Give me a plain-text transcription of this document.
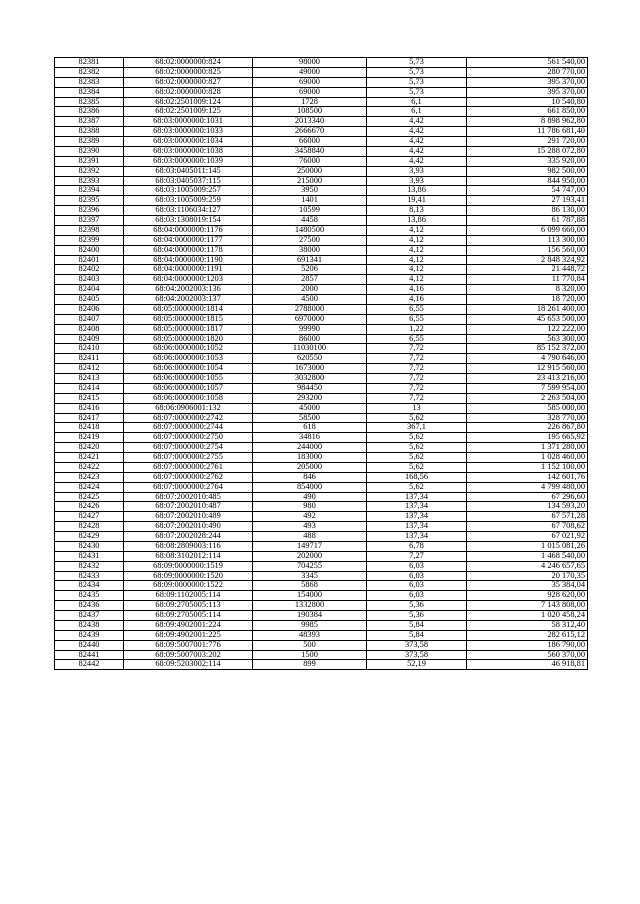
82381	68:02:0000000:824	98000	5,73	561 540,00
82382	68:02:0000000:825	49000	5,73	280 770,00
82383	68:02:0000000:827	69000	5,73	395 370,00
82384	68:02:0000000:828	69000	5,73	395 370,00
82385	68:02:2501009:124	1728	6,1	10 540,80
82386	68:02:2501009:125	108500	6,1	661 850,00
82387	68:03:0000000:1031	2013340	4,42	8 898 962,80
82388	68:03:0000000:1033	2666670	4,42	11 786 681,40
82389	68:03:0000000:1034	66000	4,42	291 720,00
82390	68:03:0000000:1038	3458840	4,42	15 288 072,80
82391	68:03:0000000:1039	76000	4,42	335 920,00
82392	68:03:0405011:145	250000	3,93	982 500,00
82393	68:03:0405037:115	215000	3,93	844 950,00
82394	68:03:1005009:257	3950	13,86	54 747,00
82395	68:03:1005009:259	1401	19,41	27 193,41
82396	68:03:1106034:127	10599	8,13	86 130,00
82397	68:03:1308019:154	4458	13,86	61 787,88
82398	68:04:0000000:1176	1480500	4,12	6 099 660,00
82399	68:04:0000000:1177	27500	4,12	113 300,00
82400	68:04:0000000:1178	38000	4,12	156 560,00
82401	68:04:0000000:1190	691341	4,12	2 848 324,92
82402	68:04:0000000:1191	5206	4,12	21 448,72
82403	68:04:0000000:1203	2857	4,12	11 770,84
82404	68:04:2002003:136	2000	4,16	8 320,00
82405	68:04:2002003:137	4500	4,16	18 720,00
82406	68:05:0000000:1814	2788000	6,55	18 261 400,00
82407	68:05:0000000:1815	6970000	6,55	45 653 500,00
82408	68:05:0000000:1817	99990	1,22	122 222,00
82409	68:05:0000000:1820	86000	6,55	563 300,00
82410	68:06:0000000:1052	11030100	7,72	85 152 372,00
82411	68:06:0000000:1053	620550	7,72	4 790 646,00
82412	68:06:0000000:1054	1673000	7,72	12 915 560,00
82413	68:06:0000000:1055	3032800	7,72	23 413 216,00
82414	68:06:0000000:1057	984450	7,72	7 599 954,00
82415	68:06:0000000:1058	293200	7,72	2 263 504,00
82416	68:06:0906001:132	45000	13	585 000,00
82417	68:07:0000000:2742	58500	5,62	328 770,00
82418	68:07:0000000:2744	618	367,1	226 867,80
82419	68:07:0000000:2750	34816	5,62	195 665,92
82420	68:07:0000000:2754	244000	5,62	1 371 280,00
82421	68:07:0000000:2755	183000	5,62	1 028 460,00
82422	68:07:0000000:2761	205000	5,62	1 152 100,00
82423	68:07:0000000:2762	846	168,56	142 601,76
82424	68:07:0000000:2764	854000	5,62	4 799 480,00
82425	68:07:2002010:485	490	137,34	67 296,60
82426	68:07:2002010:487	980	137,34	134 593,20
82427	68:07:2002010:489	492	137,34	67 571,28
82428	68:07:2002010:490	493	137,34	67 708,62
82429	68:07:2002028:244	488	137,34	67 021,92
82430	68:08:2809003:116	149717	6,78	1 015 081,26
82431	68:08:3102012:114	202000	7,27	1 468 540,00
82432	68:09:0000000:1519	704255	6,03	4 246 657,65
82433	68:09:0000000:1520	3345	6,03	20 170,35
82434	68:09:0000000:1522	5868	6,03	35 384,04
82435	68:09:1102005:114	154000	6,03	928 620,00
82436	68:09:2705005:113	1332800	5,36	7 143 808,00
82437	68:09:2705005:114	190384	5,36	1 020 458,24
82438	68:09:4902001:224	9985	5,84	58 312,40
82439	68:09:4902001:225	48393	5,84	282 615,12
82440	68:09:5007001:776	500	373,58	186 790,00
82441	68:09:5007003:202	1500	373,58	560 370,00
82442	68:09:5203002:114	899	52,19	46 918,81
